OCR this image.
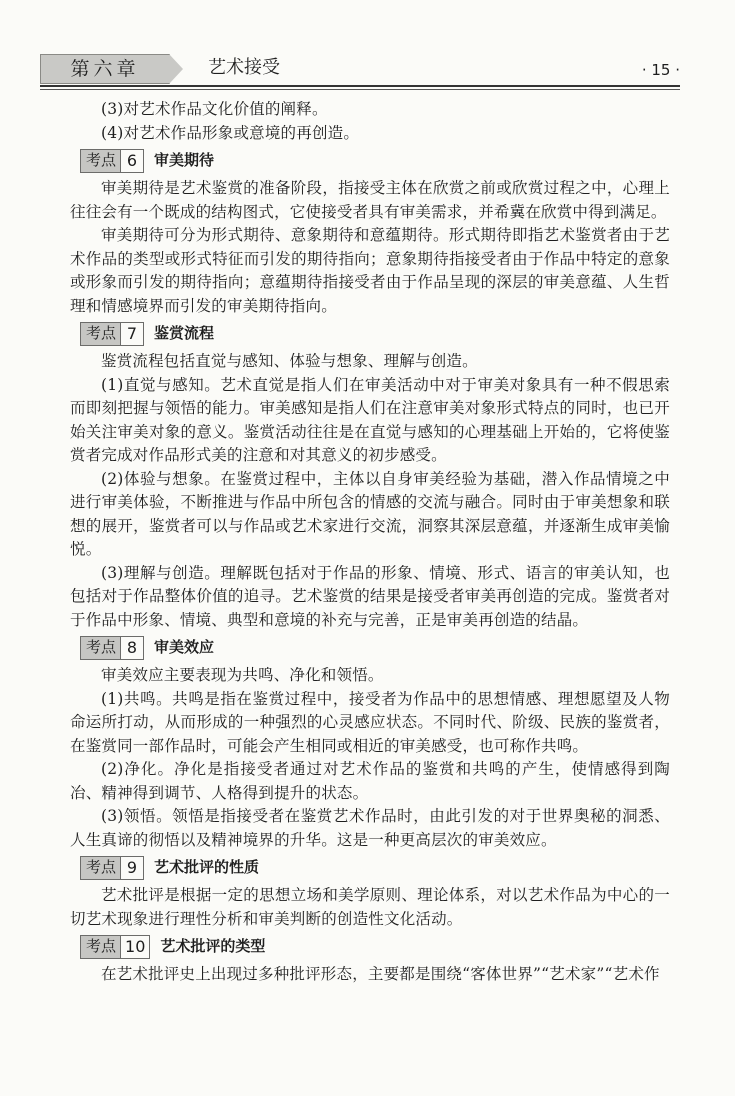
第六章	艺术接受	· 15 ·

(3)对艺术作品文化价值的阐释。

(4)对艺术作品形象或意境的再创造。

考点 6	审美期待

审美期待是艺术鉴赏的准备阶段，指接受主体在欣赏之前或欣赏过程之中，心理上往往会有一个既成的结构图式，它使接受者具有审美需求，并希冀在欣赏中得到满足。

审美期待可分为形式期待、意象期待和意蕴期待。形式期待即指艺术鉴赏者由于艺术作品的类型或形式特征而引发的期待指向；意象期待指接受者由于作品中特定的意象或形象而引发的期待指向；意蕴期待指接受者由于作品呈现的深层的审美意蕴、人生哲理和情感境界而引发的审美期待指向。

考点 7	鉴赏流程

鉴赏流程包括直觉与感知、体验与想象、理解与创造。

(1)直觉与感知。艺术直觉是指人们在审美活动中对于审美对象具有一种不假思索而即刻把握与领悟的能力。审美感知是指人们在注意审美对象形式特点的同时，也已开始关注审美对象的意义。鉴赏活动往往是在直觉与感知的心理基础上开始的，它将使鉴赏者完成对作品形式美的注意和对其意义的初步感受。

(2)体验与想象。在鉴赏过程中，主体以自身审美经验为基础，潜入作品情境之中进行审美体验，不断推进与作品中所包含的情感的交流与融合。同时由于审美想象和联想的展开，鉴赏者可以与作品或艺术家进行交流，洞察其深层意蕴，并逐渐生成审美愉悦。

(3)理解与创造。理解既包括对于作品的形象、情境、形式、语言的审美认知，也包括对于作品整体价值的追寻。艺术鉴赏的结果是接受者审美再创造的完成。鉴赏者对于作品中形象、情境、典型和意境的补充与完善，正是审美再创造的结晶。

考点 8	审美效应

审美效应主要表现为共鸣、净化和领悟。

(1)共鸣。共鸣是指在鉴赏过程中，接受者为作品中的思想情感、理想愿望及人物命运所打动，从而形成的一种强烈的心灵感应状态。不同时代、阶级、民族的鉴赏者，在鉴赏同一部作品时，可能会产生相同或相近的审美感受，也可称作共鸣。

(2)净化。净化是指接受者通过对艺术作品的鉴赏和共鸣的产生，使情感得到陶冶、精神得到调节、人格得到提升的状态。

(3)领悟。领悟是指接受者在鉴赏艺术作品时，由此引发的对于世界奥秘的洞悉、人生真谛的彻悟以及精神境界的升华。这是一种更高层次的审美效应。

考点 9	艺术批评的性质

艺术批评是根据一定的思想立场和美学原则、理论体系，对以艺术作品为中心的一切艺术现象进行理性分析和审美判断的创造性文化活动。

考点 10 艺术批评的类型

在艺术批评史上出现过多种批评形态，主要都是围绕“客体世界”“艺术家”“艺术作
